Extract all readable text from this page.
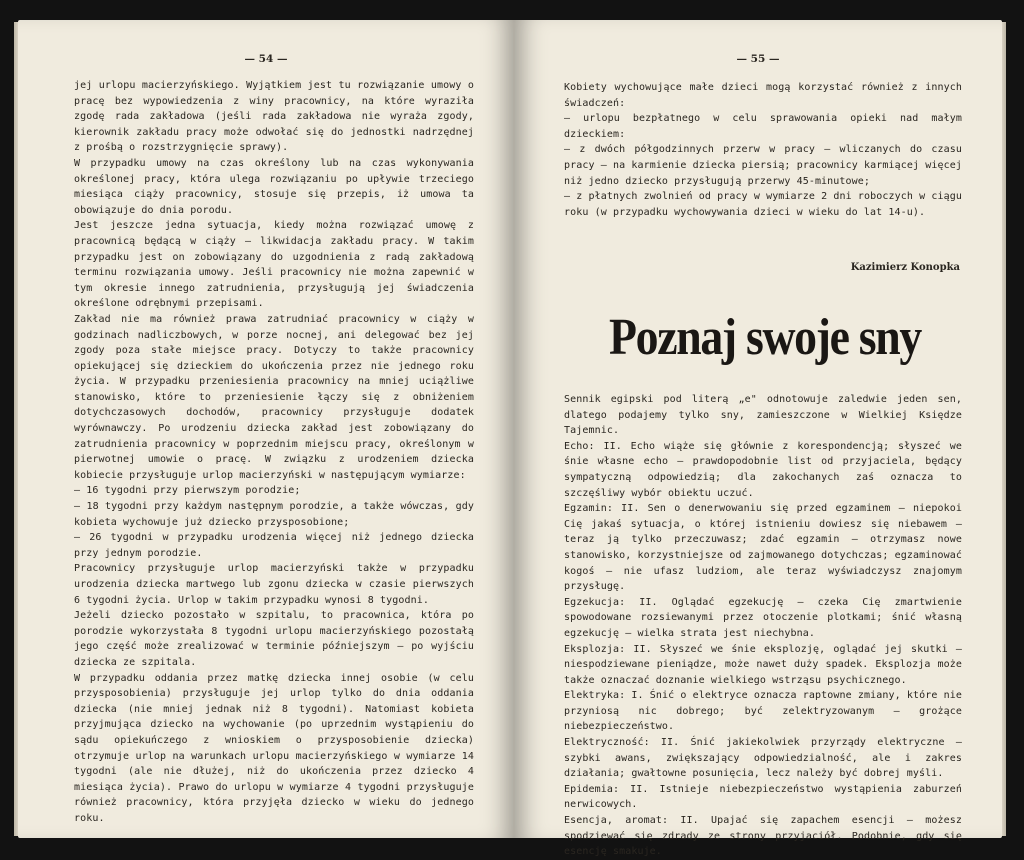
— 54 —

jej urlopu macierzyńskiego. Wyjątkiem jest tu rozwiązanie umowy o pracę bez wypowiedzenia z winy pracownicy, na które wyraziła zgodę rada zakładowa (jeśli rada zakładowa nie wyraża zgody, kierownik zakładu pracy może odwołać się do jednostki nadrzędnej z prośbą o rozstrzygnięcie sprawy).

W przypadku umowy na czas określony lub na czas wykonywania określonej pracy, która ulega rozwiązaniu po upływie trzeciego miesiąca ciąży pracownicy, stosuje się przepis, iż umowa ta obowiązuje do dnia porodu.

Jest jeszcze jedna sytuacja, kiedy można rozwiązać umowę z pracownicą będącą w ciąży — likwidacja zakładu pracy. W takim przypadku jest on zobowiązany do uzgodnienia z radą zakładową terminu rozwiązania umowy. Jeśli pracownicy nie można zapewnić w tym okresie innego zatrudnienia, przysługują jej świadczenia określone odrębnymi przepisami.

Zakład nie ma również prawa zatrudniać pracownicy w ciąży w godzinach nadliczbowych, w porze nocnej, ani delegować bez jej zgody poza stałe miejsce pracy. Dotyczy to także pracownicy opiekującej się dzieckiem do ukończenia przez nie jednego roku życia. W przypadku przeniesienia pracownicy na mniej uciążliwe stanowisko, które to przeniesienie łączy się z obniżeniem dotychczasowych dochodów, pracownicy przysługuje dodatek wyrównawczy. Po urodzeniu dziecka zakład jest zobowiązany do zatrudnienia pracownicy w poprzednim miejscu pracy, określonym w pierwotnej umowie o pracę. W związku z urodzeniem dziecka kobiecie przysługuje urlop macierzyński w następującym wymiarze:

— 16 tygodni przy pierwszym porodzie;

— 18 tygodni przy każdym następnym porodzie, a także wówczas, gdy kobieta wychowuje już dziecko przysposobione;

— 26 tygodni w przypadku urodzenia więcej niż jednego dziecka przy jednym porodzie.

Pracownicy przysługuje urlop macierzyński także w przypadku urodzenia dziecka martwego lub zgonu dziecka w czasie pierwszych 6 tygodni życia. Urlop w takim przypadku wynosi 8 tygodni.

Jeżeli dziecko pozostało w szpitalu, to pracownica, która po porodzie wykorzystała 8 tygodni urlopu macierzyńskiego pozostałą jego część może zrealizować w terminie późniejszym — po wyjściu dziecka ze szpitala.

W przypadku oddania przez matkę dziecka innej osobie (w celu przysposobienia) przysługuje jej urlop tylko do dnia oddania dziecka (nie mniej jednak niż 8 tygodni). Natomiast kobieta przyjmująca dziecko na wychowanie (po uprzednim wystąpieniu do sądu opiekuńczego z wnioskiem o przysposobienie dziecka) otrzymuje urlop na warunkach urlopu macierzyńskiego w wymiarze 14 tygodni (ale nie dłużej, niż do ukończenia przez dziecko 4 miesiąca życia). Prawo do urlopu w wymiarze 4 tygodni przysługuje również pracownicy, która przyjęła dziecko w wieku do jednego roku.

— 55 —

Kobiety wychowujące małe dzieci mogą korzystać również z innych świadczeń:

— urlopu bezpłatnego w celu sprawowania opieki nad małym dzieckiem:

— z dwóch półgodzinnych przerw w pracy — wliczanych do czasu pracy — na karmienie dziecka piersią; pracownicy karmiącej więcej niż jedno dziecko przysługują przerwy 45-minutowe;

— z płatnych zwolnień od pracy w wymiarze 2 dni roboczych w ciągu roku (w przypadku wychowywania dzieci w wieku do lat 14-u).

Kazimierz Konopka
Poznaj swoje sny

Sennik egipski pod literą „e" odnotowuje zaledwie jeden sen, dlatego podajemy tylko sny, zamieszczone w Wielkiej Księdze Tajemnic.

Echo: II. Echo wiąże się głównie z korespondencją; słyszeć we śnie własne echo — prawdopodobnie list od przyjaciela, będący sympatyczną odpowiedzią; dla zakochanych zaś oznacza to szczęśliwy wybór obiektu uczuć.

Egzamin: II. Sen o denerwowaniu się przed egzaminem — niepokoi Cię jakaś sytuacja, o której istnieniu dowiesz się niebawem — teraz ją tylko przeczuwasz; zdać egzamin — otrzymasz nowe stanowisko, korzystniejsze od zajmowanego dotychczas; egzaminować kogoś — nie ufasz ludziom, ale teraz wyświadczysz znajomym przysługę.

Egzekucja: II. Oglądać egzekucję — czeka Cię zmartwienie spowodowane rozsiewanymi przez otoczenie plotkami; śnić własną egzekucję — wielka strata jest niechybna.

Eksplozja: II. Słyszeć we śnie eksplozję, oglądać jej skutki — niespodziewane pieniądze, może nawet duży spadek. Eksplozja może także oznaczać doznanie wielkiego wstrząsu psychicznego.

Elektryka: I. Śnić o elektryce oznacza raptowne zmiany, które nie przyniosą nic dobrego; być zelektryzowanym — grożące niebezpieczeństwo.

Elektryczność: II. Śnić jakiekolwiek przyrządy elektryczne — szybki awans, zwiększający odpowiedzialność, ale i zakres działania; gwałtowne posunięcia, lecz należy być dobrej myśli.

Epidemia: II. Istnieje niebezpieczeństwo wystąpienia zaburzeń nerwicowych.

Esencja, aromat: II. Upajać się zapachem esencji — możesz spodziewać się zdrady ze strony przyjaciół. Podobnie, gdy się esencję smakuje.
